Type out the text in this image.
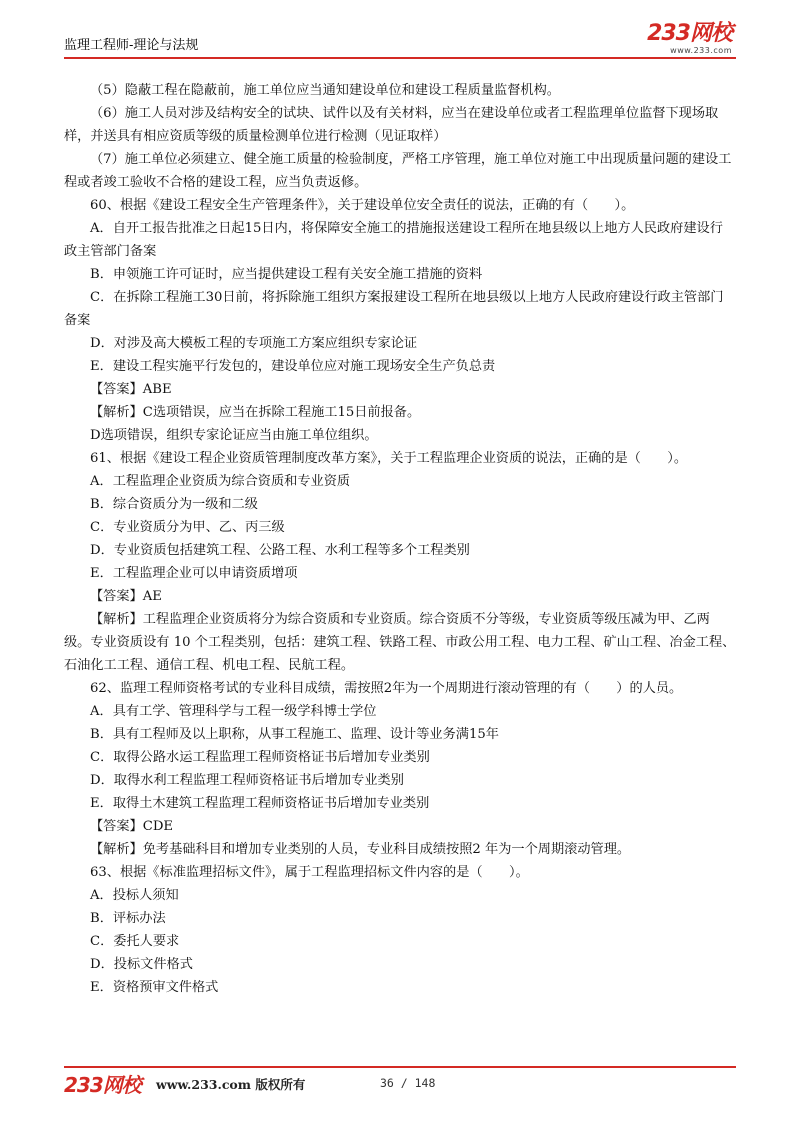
监理工程师-理论与法规	233网校
www.233.com

（5）隐蔽工程在隐蔽前，施工单位应当通知建设单位和建设工程质量监督机构。

（6）施工人员对涉及结构安全的试块、试件以及有关材料，应当在建设单位或者工程监理单位监督下现场取样，并送具有相应资质等级的质量检测单位进行检测（见证取样）

（7）施工单位必须建立、健全施工质量的检验制度，严格工序管理，施工单位对施工中出现质量问题的建设工程或者竣工验收不合格的建设工程，应当负责返修。

60、根据《建设工程安全生产管理条件》，关于建设单位安全责任的说法，正确的有（　　）。

A．自开工报告批准之日起15日内，将保障安全施工的措施报送建设工程所在地县级以上地方人民政府建设行政主管部门备案

B．申领施工许可证时，应当提供建设工程有关安全施工措施的资料

C．在拆除工程施工30日前，将拆除施工组织方案报建设工程所在地县级以上地方人民政府建设行政主管部门备案

D．对涉及高大模板工程的专项施工方案应组织专家论证

E．建设工程实施平行发包的，建设单位应对施工现场安全生产负总责

【答案】ABE

【解析】C选项错误，应当在拆除工程施工15日前报备。

D选项错误，组织专家论证应当由施工单位组织。

61、根据《建设工程企业资质管理制度改革方案》，关于工程监理企业资质的说法，正确的是（　　）。

A．工程监理企业资质为综合资质和专业资质

B．综合资质分为一级和二级

C．专业资质分为甲、乙、丙三级

D．专业资质包括建筑工程、公路工程、水利工程等多个工程类别

E．工程监理企业可以申请资质增项

【答案】AE

【解析】工程监理企业资质将分为综合资质和专业资质。综合资质不分等级，专业资质等级压减为甲、乙两级。专业资质设有 10 个工程类别，包括：建筑工程、铁路工程、市政公用工程、电力工程、矿山工程、冶金工程、石油化工工程、通信工程、机电工程、民航工程。

62、监理工程师资格考试的专业科目成绩，需按照2年为一个周期进行滚动管理的有（　　）的人员。

A．具有工学、管理科学与工程一级学科博士学位

B．具有工程师及以上职称，从事工程施工、监理、设计等业务满15年

C．取得公路水运工程监理工程师资格证书后增加专业类别

D．取得水利工程监理工程师资格证书后增加专业类别

E．取得土木建筑工程监理工程师资格证书后增加专业类别

【答案】CDE

【解析】免考基础科目和增加专业类别的人员，专业科目成绩按照2 年为一个周期滚动管理。

63、根据《标准监理招标文件》，属于工程监理招标文件内容的是（　　）。

A．投标人须知

B．评标办法

C．委托人要求

D．投标文件格式

E．资格预审文件格式

233网校 www.233.com 版权所有	36 / 148
